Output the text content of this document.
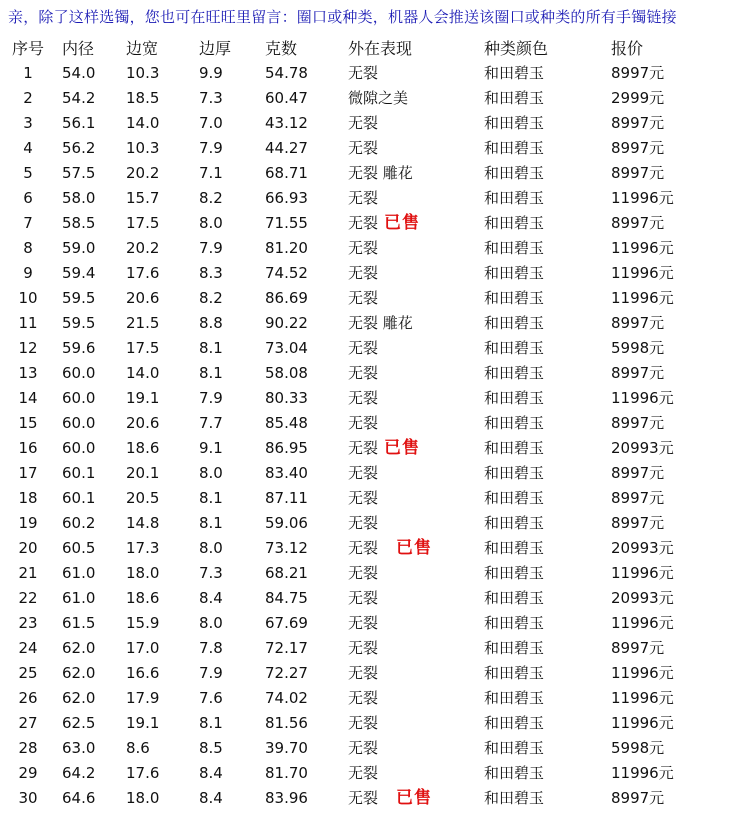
亲，除了这样选镯，您也可在旺旺里留言：圈口或种类，机器人会推送该圈口或种类的所有手镯链接
序号 内径 边宽	边厚 克数	外在表现	种类颜色	报价
1	54.0 10.3	9.9	54.78	无裂	和田碧玉	8997元
2	54.2 18.5	7.3	60.47	微隙之美	和田碧玉	2999元
3	56.1 14.0	7.0	43.12	无裂	和田碧玉	8997元
4	56.2 10.3	7.9	44.27	无裂	和田碧玉	8997元
5	57.5 20.2	7.1	68.71	无裂 雕花	和田碧玉	8997元
6	58.0 15.7	8.2	66.93	无裂	和田碧玉	11996元
7	58.5 17.5	8.0	71.55	无裂 已售	和田碧玉	8997元
8	59.0 20.2	7.9	81.20	无裂	和田碧玉	11996元
9	59.4 17.6	8.3	74.52	无裂	和田碧玉	11996元
10	59.5 20.6	8.2	86.69	无裂	和田碧玉	11996元
11	59.5 21.5	8.8	90.22	无裂 雕花	和田碧玉	8997元
12	59.6 17.5	8.1	73.04	无裂	和田碧玉	5998元
13	60.0 14.0	8.1	58.08	无裂	和田碧玉	8997元
14	60.0 19.1	7.9	80.33	无裂	和田碧玉	11996元
15	60.0 20.6	7.7	85.48	无裂	和田碧玉	8997元
16	60.0 18.6	9.1	86.95	无裂 已售	和田碧玉	20993元
17	60.1 20.1	8.0	83.40	无裂	和田碧玉	8997元
18	60.1 20.5	8.1	87.11	无裂	和田碧玉	8997元
19	60.2 14.8	8.1	59.06	无裂	和田碧玉	8997元
20	60.5 17.3	8.0	73.12	无裂 已售	和田碧玉	20993元
21	61.0 18.0	7.3	68.21	无裂	和田碧玉	11996元
22	61.0 18.6	8.4	84.75	无裂	和田碧玉	20993元
23	61.5 15.9	8.0	67.69	无裂	和田碧玉	11996元
24	62.0 17.0	7.8	72.17	无裂	和田碧玉	8997元
25	62.0 16.6	7.9	72.27	无裂	和田碧玉	11996元
26	62.0 17.9	7.6	74.02	无裂	和田碧玉	11996元
27	62.5 19.1	8.1	81.56	无裂	和田碧玉	11996元
28	63.0 8.6	8.5	39.70	无裂	和田碧玉	5998元
29	64.2 17.6	8.4	81.70	无裂	和田碧玉	11996元
30	64.6 18.0	8.4	83.96	无裂 已售	和田碧玉	8997元
